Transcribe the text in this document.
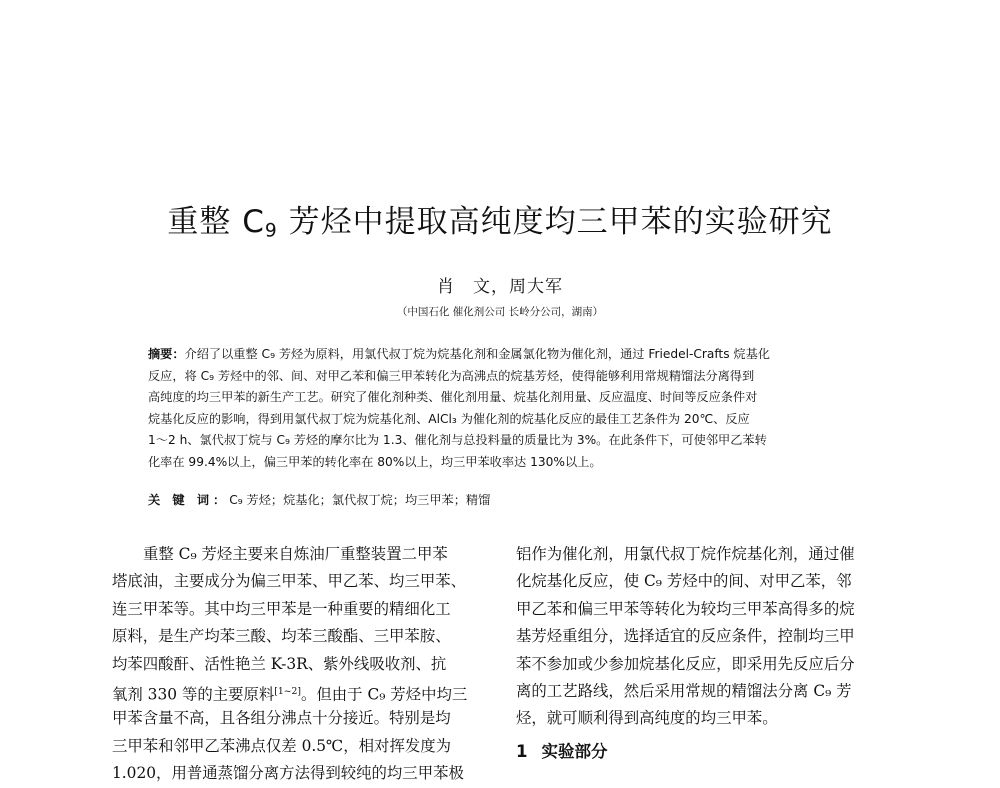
重整 $C_9$ 芳烃中提取高纯度均三甲苯的实验研究
肖　文，周大军
（中国石化 催化剂公司 长岭分公司，湖南）
摘要：介绍了以重整 C₉ 芳烃为原料，用氯代叔丁烷为烷基化剂和金属氯化物为催化剂，通过 Friedel-Crafts 烷基化
反应，将 C₉ 芳烃中的邻、间、对甲乙苯和偏三甲苯转化为高沸点的烷基芳烃，使得能够利用常规精馏法分离得到
高纯度的均三甲苯的新生产工艺。研究了催化剂种类、催化剂用量、烷基化剂用量、反应温度、时间等反应条件对
烷基化反应的影响，得到用氯代叔丁烷为烷基化剂、AlCl₃ 为催化剂的烷基化反应的最佳工艺条件为 20℃、反应
1～2 h、氯代叔丁烷与 C₉ 芳烃的摩尔比为 1.3、催化剂与总投料量的质量比为 3%。在此条件下，可使邻甲乙苯转
化率在 99.4%以上，偏三甲苯的转化率在 80%以上，均三甲苯收率达 130%以上。
关 键 词：C₉ 芳烃；烷基化；氯代叔丁烷；均三甲苯；精馏
重整 C₉ 芳烃主要来自炼油厂重整装置二甲苯
塔底油，主要成分为偏三甲苯、甲乙苯、均三甲苯、
连三甲苯等。其中均三甲苯是一种重要的精细化工
原料，是生产均苯三酸、均苯三酸酯、三甲苯胺、
均苯四酸酐、活性艳兰 K-3R、紫外线吸收剂、抗
氧剂 330 等的主要原料[1~2]。但由于 C₉ 芳烃中均三
甲苯含量不高，且各组分沸点十分接近。特别是均
三甲苯和邻甲乙苯沸点仅差 0.5℃，相对挥发度为
1.020，用普通蒸馏分离方法得到较纯的均三甲苯极
铝作为催化剂，用氯代叔丁烷作烷基化剂，通过催
化烷基化反应，使 C₉ 芳烃中的间、对甲乙苯，邻
甲乙苯和偏三甲苯等转化为较均三甲苯高得多的烷
基芳烃重组分，选择适宜的反应条件，控制均三甲
苯不参加或少参加烷基化反应，即采用先反应后分
离的工艺路线，然后采用常规的精馏法分离 C₉ 芳
烃，就可顺利得到高纯度的均三甲苯。
1 实验部分
